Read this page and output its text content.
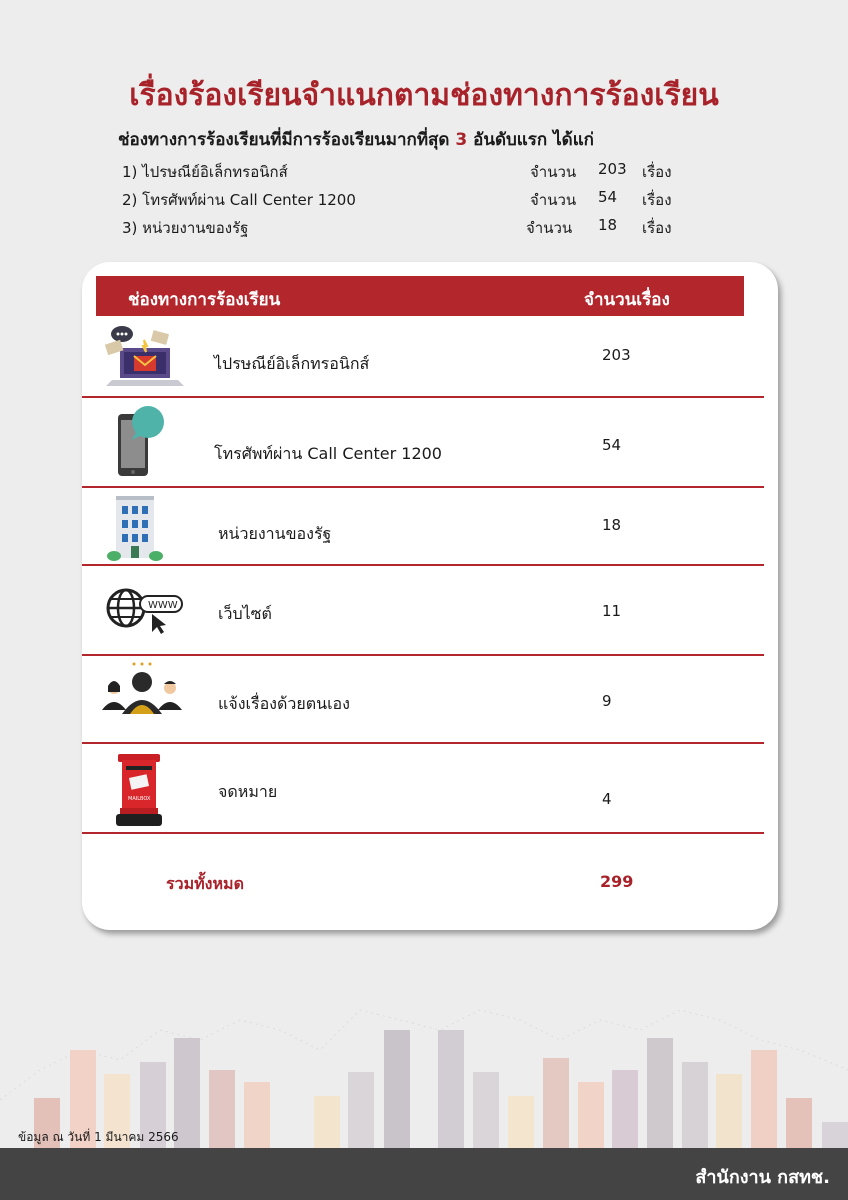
เรื่องร้องเรียนจำแนกตามช่องทางการร้องเรียน
ช่องทางการร้องเรียนที่มีการร้องเรียนมากที่สุด 3 อันดับแรก ได้แก่
1) ไปรษณีย์อิเล็กทรอนิกส์	จำนวน 203 เรื่อง
2) โทรศัพท์ผ่าน Call Center 1200	จำนวน 54 เรื่อง
3) หน่วยงานของรัฐ	จำนวน 18 เรื่อง
ช่องทางการร้องเรียน	จำนวนเรื่อง
ไปรษณีย์อิเล็กทรอนิกส์	203
โทรศัพท์ผ่าน Call Center 1200	54
หน่วยงานของรัฐ	18
WWW	เว็บไซต์	11
แจ้งเรื่องด้วยตนเอง	9
MAILBOX	จดหมาย	4
รวมทั้งหมด	299
ข้อมูล ณ วันที่ 1 มีนาคม 2566
สำนักงาน กสทช.
